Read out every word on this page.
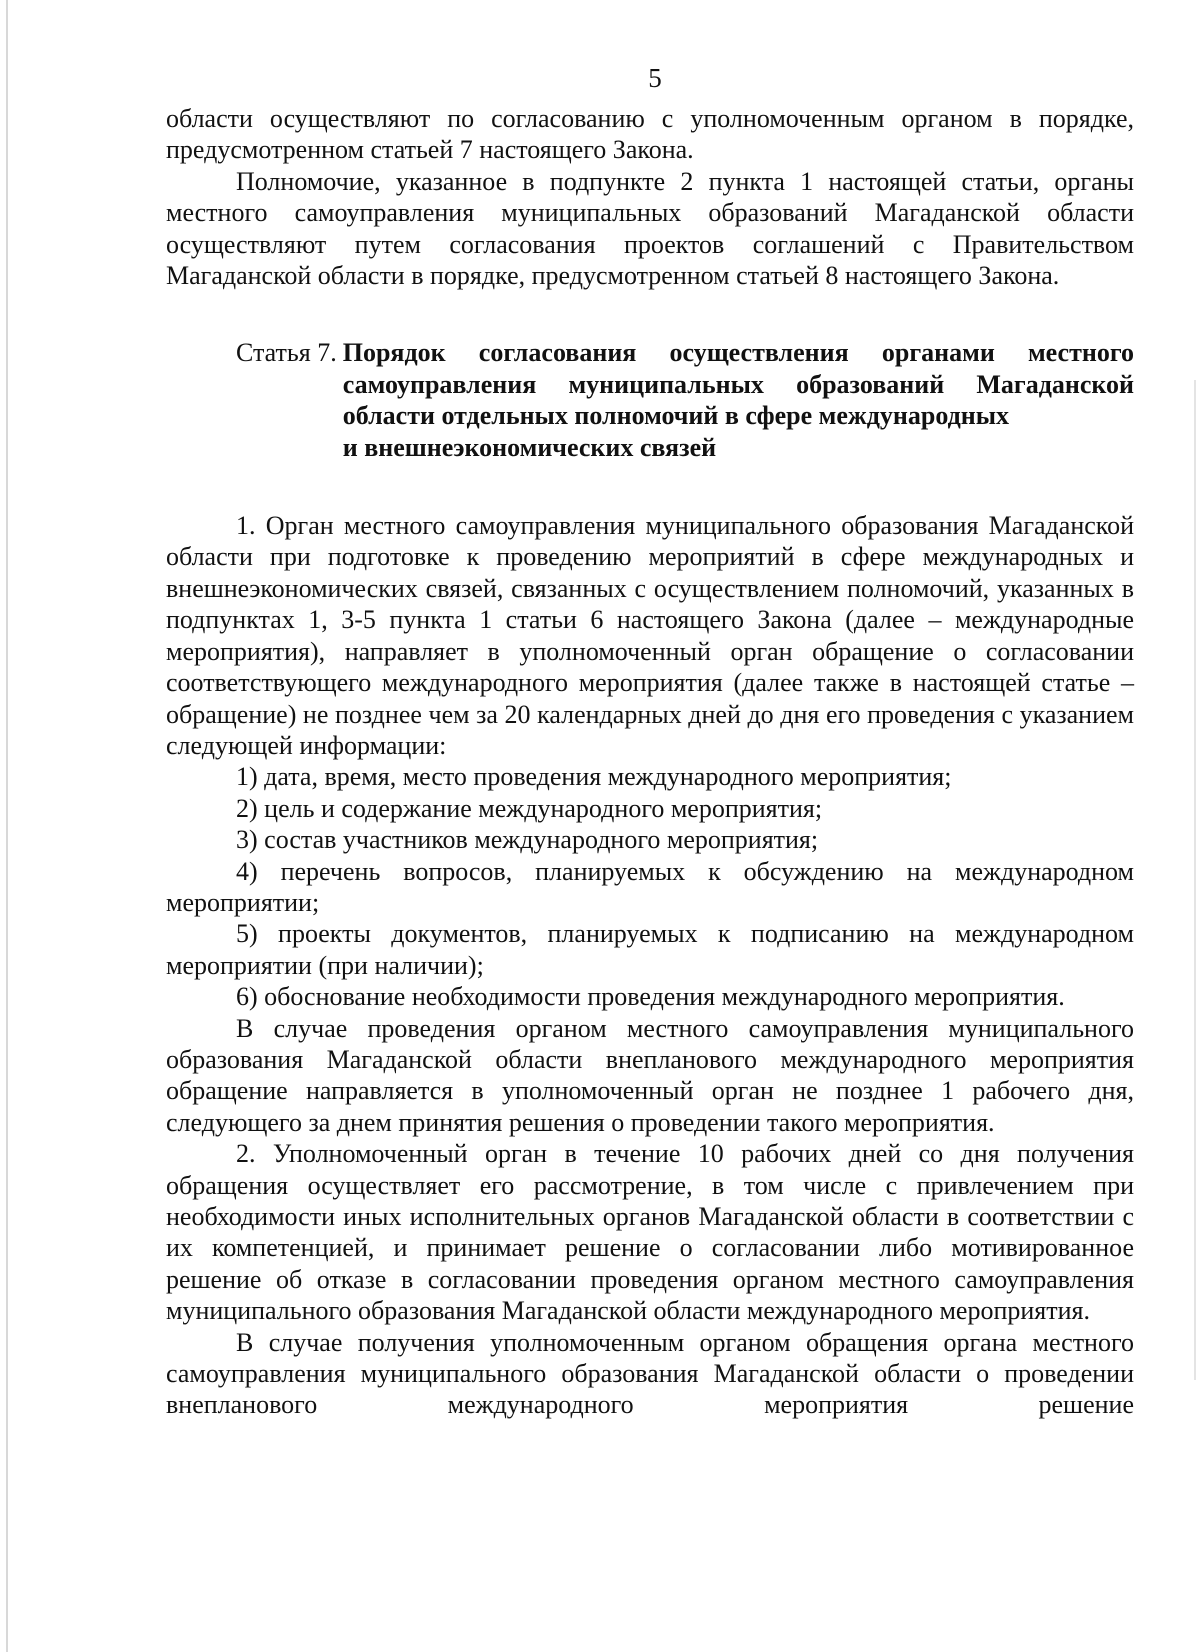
5

области осуществляют по согласованию с уполномоченным органом в порядке, предусмотренном статьей 7 настоящего Закона.

Полномочие, указанное в подпункте 2 пункта 1 настоящей статьи, органы местного самоуправления муниципальных образований Магаданской области осуществляют путем согласования проектов соглашений с Правительством Магаданской области в порядке, предусмотренном статьей 8 настоящего Закона.

Статья 7. Порядок согласования осуществления органами местного самоуправления муниципальных образований Магаданской области отдельных полномочий в сфере международных
и внешнеэкономических связей

1. Орган местного самоуправления муниципального образования Магаданской области при подготовке к проведению мероприятий в сфере международных и внешнеэкономических связей, связанных с осуществлением полномочий, указанных в подпунктах 1, 3-5 пункта 1 статьи 6 настоящего Закона (далее – международные мероприятия), направляет в уполномоченный орган обращение о согласовании соответствующего международного мероприятия (далее также в настоящей статье – обращение) не позднее чем за 20 календарных дней до дня его проведения с указанием следующей информации:

1) дата, время, место проведения международного мероприятия;

2) цель и содержание международного мероприятия;

3) состав участников международного мероприятия;

4) перечень вопросов, планируемых к обсуждению на международном мероприятии;

5) проекты документов, планируемых к подписанию на международном мероприятии (при наличии);

6) обоснование необходимости проведения международного мероприятия.

В случае проведения органом местного самоуправления муниципального образования Магаданской области внепланового международного мероприятия обращение направляется в уполномоченный орган не позднее 1 рабочего дня, следующего за днем принятия решения о проведении такого мероприятия.

2. Уполномоченный орган в течение 10 рабочих дней со дня получения обращения осуществляет его рассмотрение, в том числе с привлечением при необходимости иных исполнительных органов Магаданской области в соответствии с их компетенцией, и принимает решение о согласовании либо мотивированное решение об отказе в согласовании проведения органом местного самоуправления муниципального образования Магаданской области международного мероприятия.

В случае получения уполномоченным органом обращения органа местного самоуправления муниципального образования Магаданской области о проведении внепланового международного мероприятия решение
